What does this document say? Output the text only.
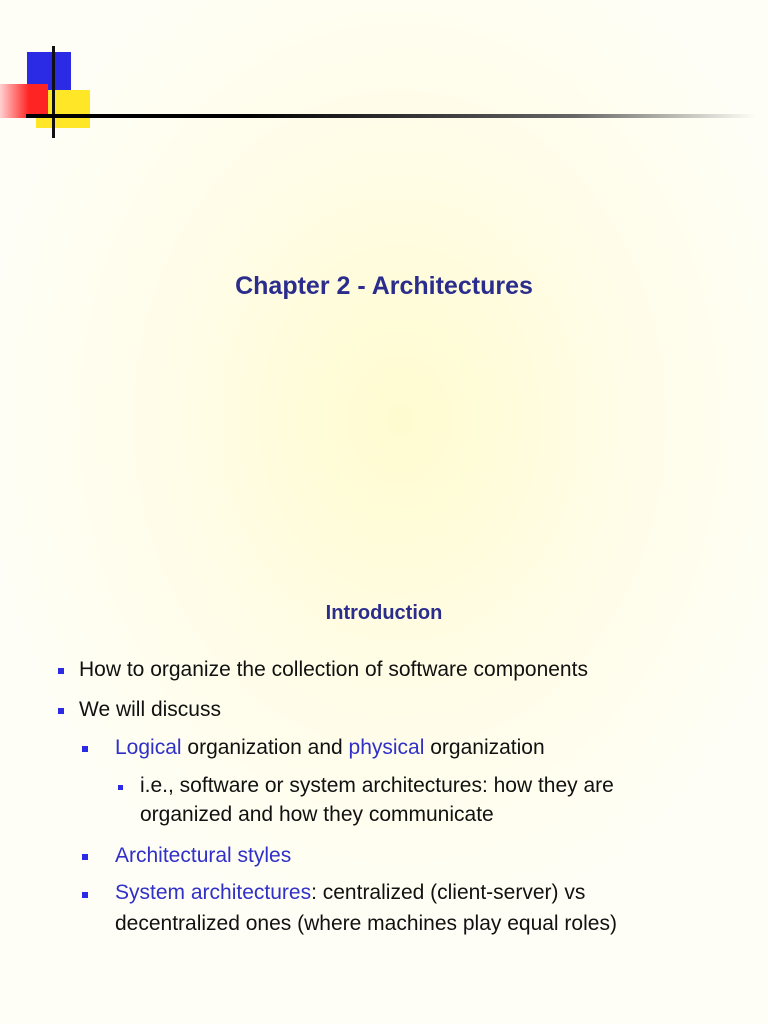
Chapter 2 - Architectures
Introduction
How to organize the collection of software components
We will discuss
Logical organization and physical organization
i.e., software or system architectures: how they are
organized and how they communicate
Architectural styles
System architectures: centralized (client-server) vs
decentralized ones (where machines play equal roles)
